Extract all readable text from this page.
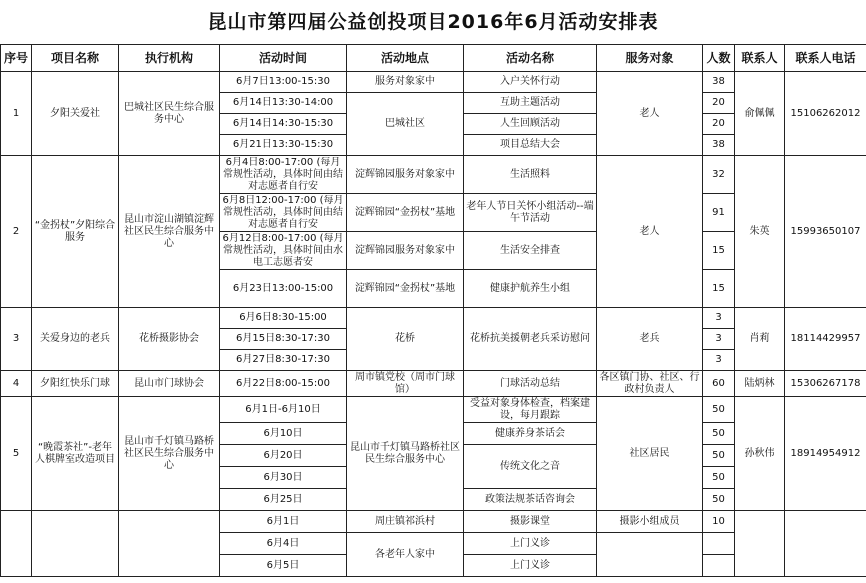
昆山市第四届公益创投项目2016年6月活动安排表
序号	项目名称	执行机构	活动时间	活动地点	活动名称	服务对象	人数	联系人	联系人电话
1	夕阳关爱社	巴城社区民生综合服务中心	6月7日13:00-15:30	服务对象家中	入户关怀行动	老人	38	俞佩佩	15106262012
			6月14日13:30-14:00	巴城社区	互助主题活动		20		
			6月14日14:30-15:30		人生回顾活动		20		
			6月21日13:30-15:30		项目总结大会		38		
2	“金拐杖”夕阳综合服务	昆山市淀山湖镇淀辉社区民生综合服务中心	6月4日8:00-17:00 (每月常规性活动，具体时间由结对志愿者自行安	淀辉锦园服务对象家中	生活照料	老人	32	朱英	15993650107

			6月8日12:00-17:00 (每月常规性活动，具体时间由结对志愿者自行安	淀辉锦园“金拐杖”基地	老年人节日关怀小组活动--端午节活动		91		

			6月12日8:00-17:00 (每月常规性活动，具体时间由水电工志愿者安	淀辉锦园服务对象家中	生活安全排查		15		
			6月23日13:00-15:00	淀辉锦园“金拐杖”基地	健康护航养生小组		15		
3	关爱身边的老兵	花桥摄影协会	6月6日8:30-15:00	花桥	花桥抗美援朝老兵采访慰问	老兵	3	肖莉	18114429957
			6月15日8:30-17:30				3		
			6月27日8:30-17:30				3		
4	夕阳红快乐门球	昆山市门球协会	6月22日8:00-15:00	周市镇党校（周市门球馆）	门球活动总结	各区镇门协、社区、行政村负责人	60	陆炳林	15306267178
5	“晚霞茶社”-老年人棋牌室改造项目	昆山市千灯镇马路桥社区民生综合服务中心	6月1日-6月10日	昆山市千灯镇马路桥社区民生综合服务中心	受益对象身体检查，档案建设，每月跟踪	社区居民	50	孙秋伟	18914954912
			6月10日		健康养身茶话会		50		
			6月20日		传统文化之音		50		
			6月30日				50		
			6月25日		政策法规茶话咨询会		50		
			6月1日	周庄镇祁浜村	摄影课堂	摄影小组成员	10		
			6月4日	各老年人家中	上门义诊				
			6月5日		上门义诊				
